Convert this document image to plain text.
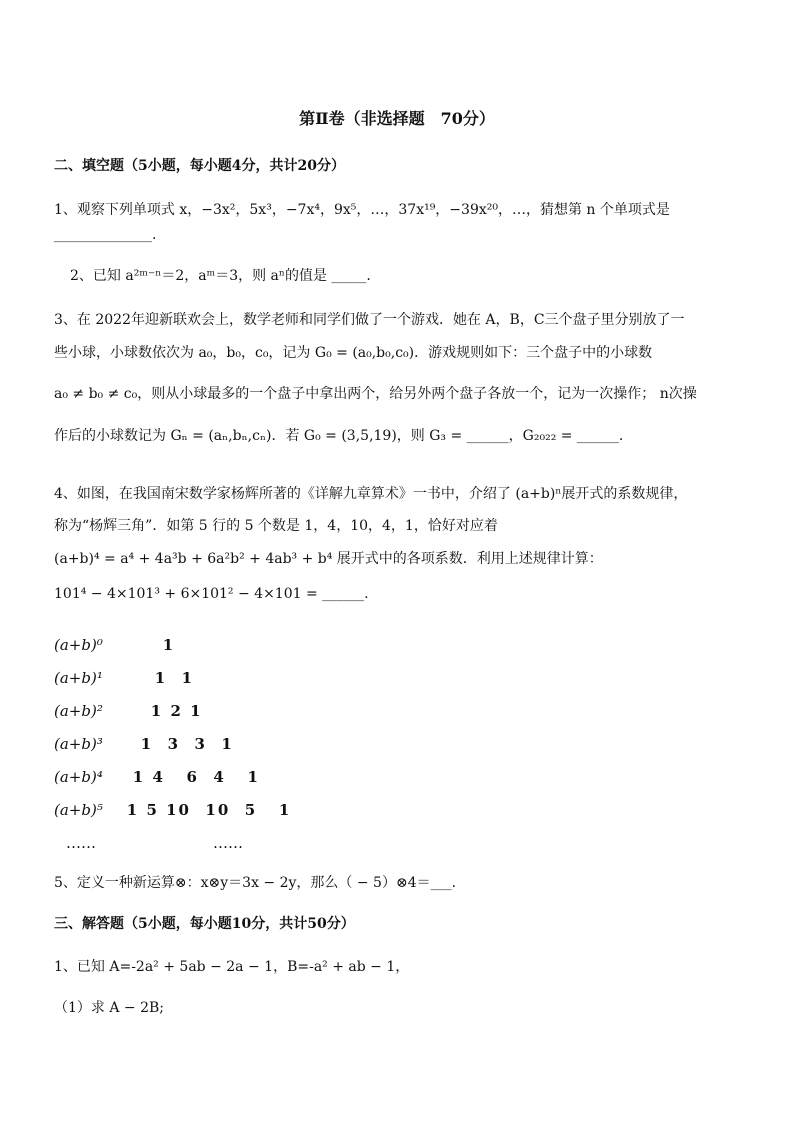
第Ⅱ卷（非选择题　70分）
二、填空题（5小题，每小题4分，共计20分）
1、观察下列单项式 x，−3x²，5x³，−7x⁴，9x⁵，…，37x¹⁹，−39x²⁰，…，猜想第 n 个单项式是
______________.
2、已知 a²ᵐ⁻ⁿ＝2，aᵐ＝3，则 aⁿ的值是 _____.
3、在 2022年迎新联欢会上，数学老师和同学们做了一个游戏．她在 A，B，C三个盘子里分别放了一
些小球，小球数依次为 a₀，b₀，c₀，记为 G₀ = (a₀,b₀,c₀)．游戏规则如下：三个盘子中的小球数
a₀ ≠ b₀ ≠ c₀，则从小球最多的一个盘子中拿出两个，给另外两个盘子各放一个，记为一次操作； n次操
作后的小球数记为 Gₙ = (aₙ,bₙ,cₙ)．若 G₀ = (3,5,19)，则 G₃ = ______，G₂₀₂₂ = ______.
4、如图，在我国南宋数学家杨辉所著的《详解九章算术》一书中，介绍了 (a+b)ⁿ展开式的系数规律，
称为“杨辉三角”．如第 5 行的 5 个数是 1，4，10，4，1，恰好对应着
(a+b)⁴ = a⁴ + 4a³b + 6a²b² + 4ab³ + b⁴ 展开式中的各项系数．利用上述规律计算：
101⁴ − 4×101³ + 6×101² − 4×101 = ______.
(a+b)⁰	1
(a+b)¹	1  1
(a+b)²	1 2 1
(a+b)³	1  3  3  1
(a+b)⁴ 1 4   6  4   1
(a+b)⁵ 1 5 10  10  5   1
……	……
5、定义一种新运算⊗：x⊗y＝3x − 2y，那么（ − 5）⊗4＝___.
三、解答题（5小题，每小题10分，共计50分）
1、已知 A=-2a² + 5ab − 2a − 1，B=-a² + ab − 1，
（1）求 A − 2B;
